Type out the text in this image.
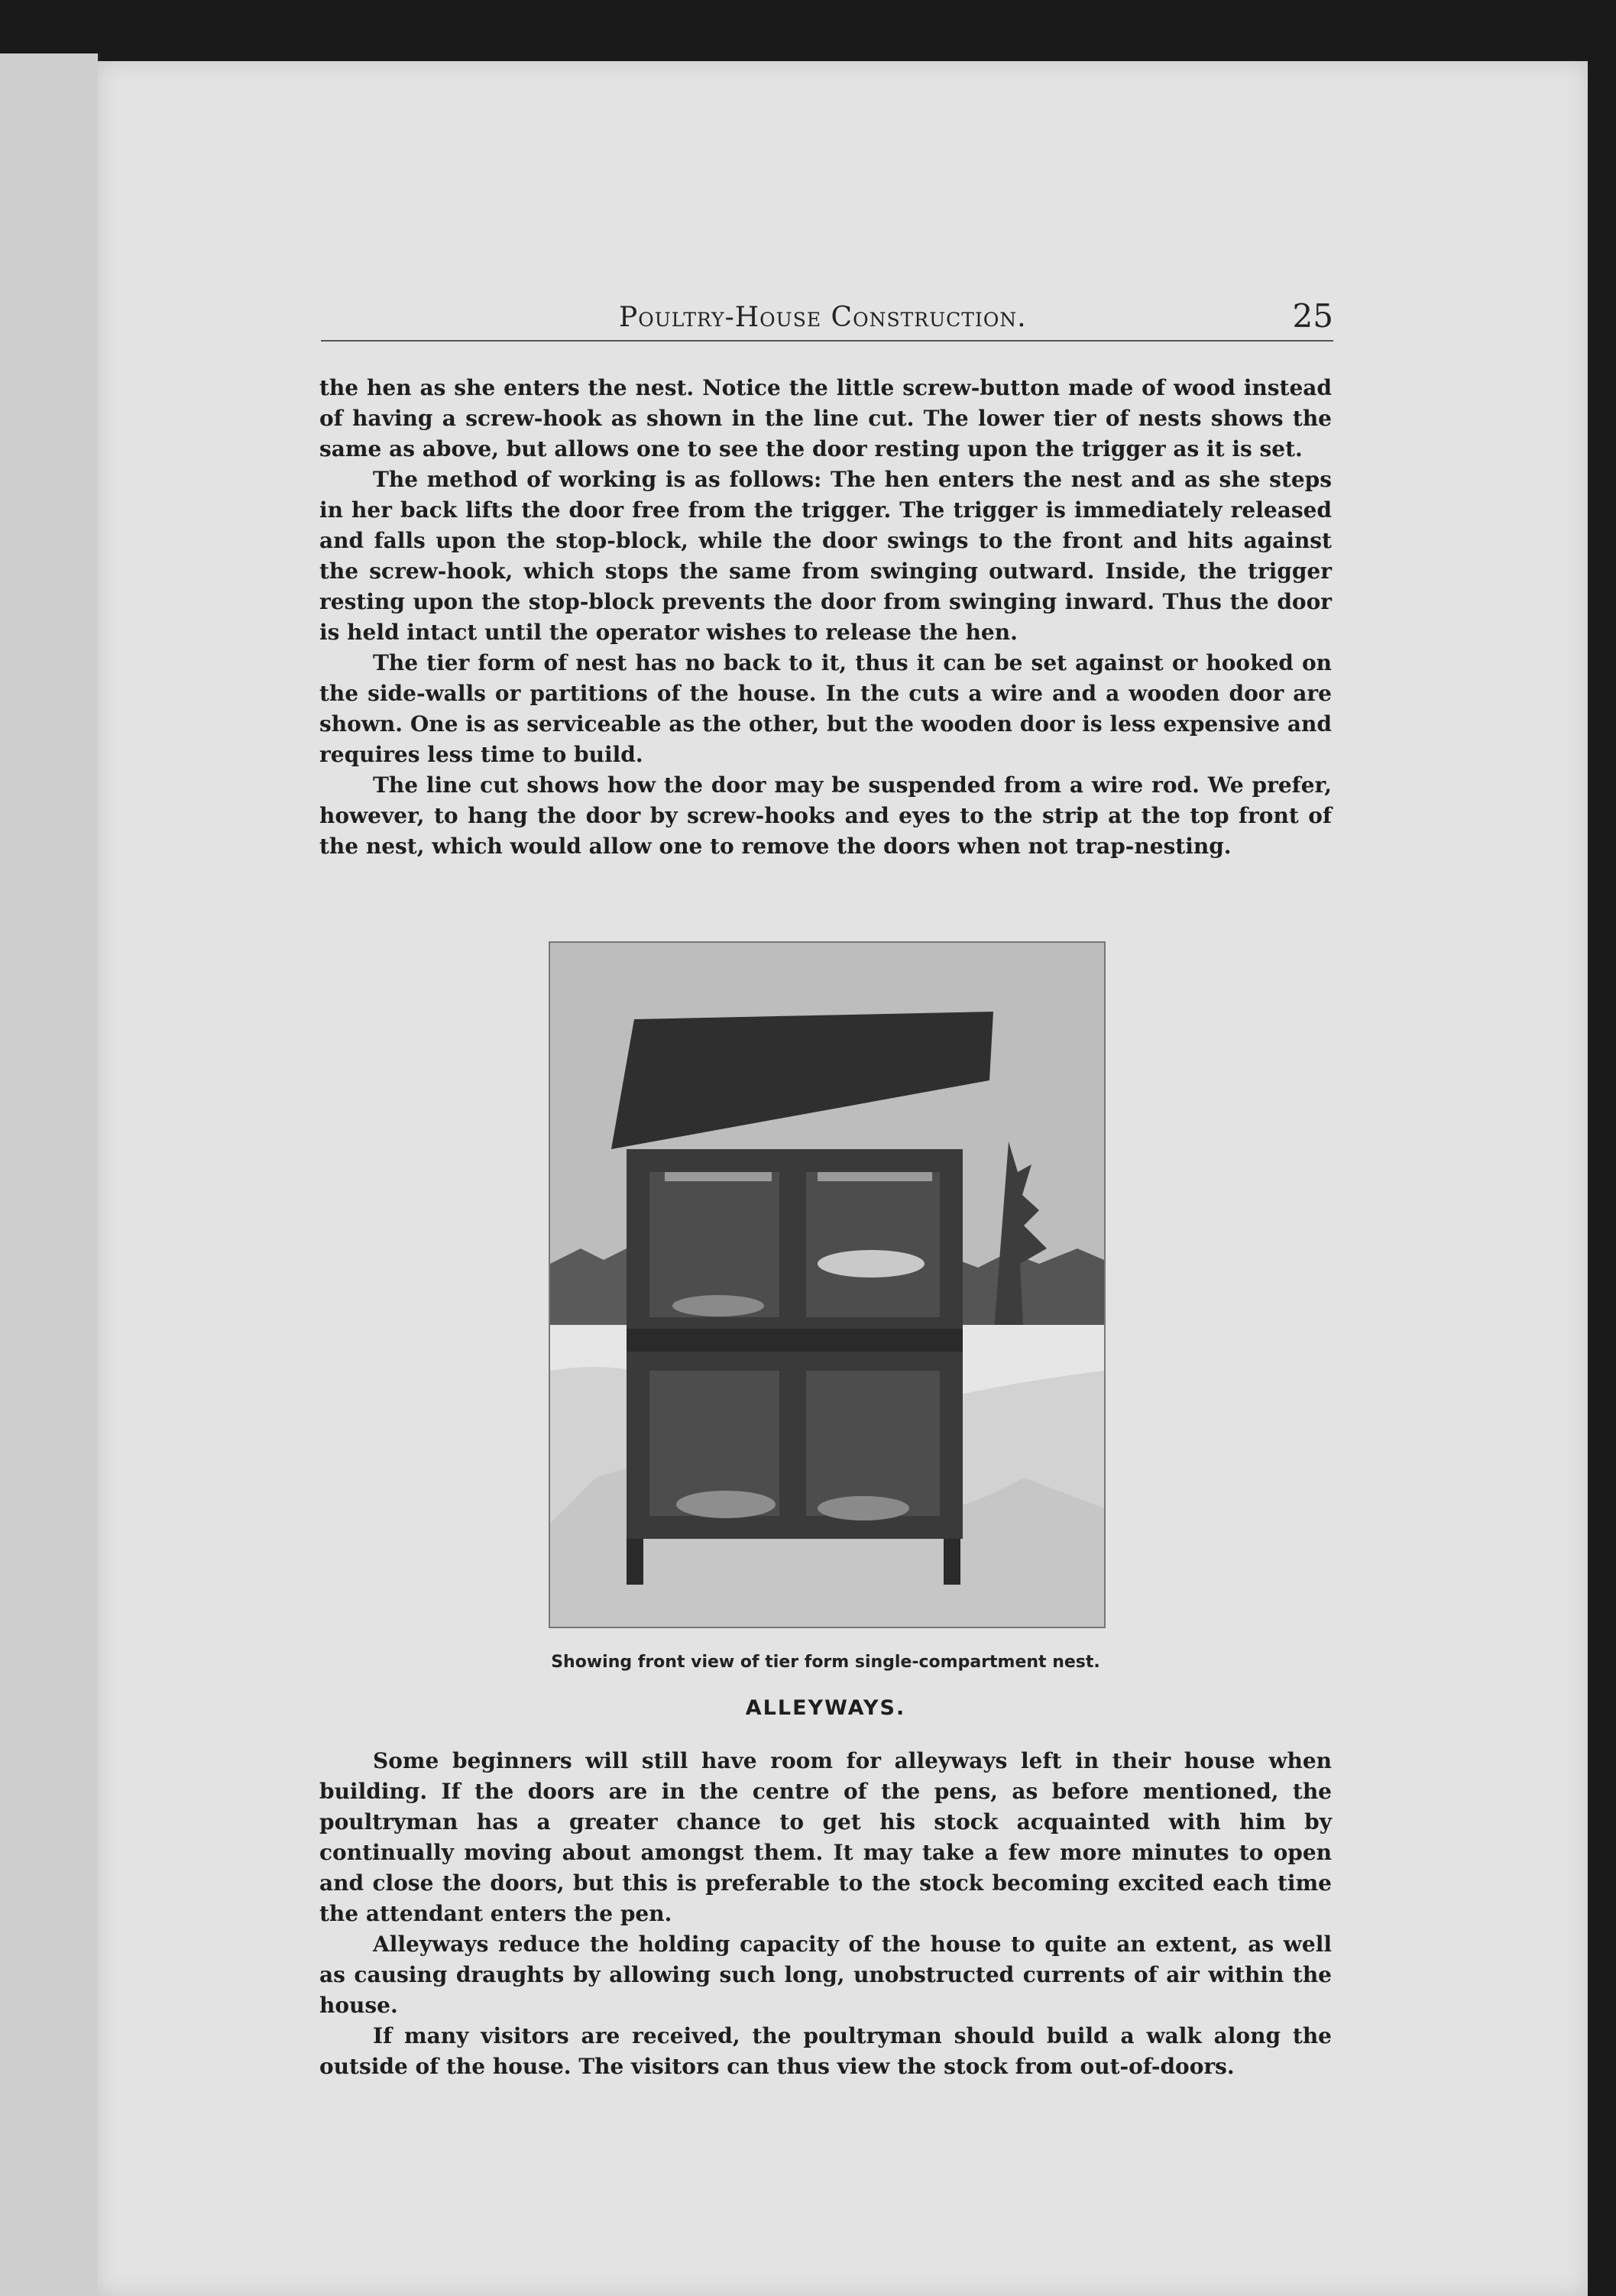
Poultry-House Construction.	25

the hen as she enters the nest. Notice the little screw-button made of wood instead of having a screw-hook as shown in the line cut. The lower tier of nests shows the same as above, but allows one to see the door resting upon the trigger as it is set.

The method of working is as follows: The hen enters the nest and as she steps in her back lifts the door free from the trigger. The trigger is immediately released and falls upon the stop-block, while the door swings to the front and hits against the screw-hook, which stops the same from swinging outward. Inside, the trigger resting upon the stop-block prevents the door from swinging inward. Thus the door is held intact until the operator wishes to release the hen.

The tier form of nest has no back to it, thus it can be set against or hooked on the side-walls or partitions of the house. In the cuts a wire and a wooden door are shown. One is as serviceable as the other, but the wooden door is less expensive and requires less time to build.

The line cut shows how the door may be suspended from a wire rod. We prefer, however, to hang the door by screw-hooks and eyes to the strip at the top front of the nest, which would allow one to remove the doors when not trap-nesting.

Showing front view of tier form single-compartment nest.
ALLEYWAYS.

Some beginners will still have room for alleyways left in their house when building. If the doors are in the centre of the pens, as before mentioned, the poultryman has a greater chance to get his stock acquainted with him by continually moving about amongst them. It may take a few more minutes to open and close the doors, but this is preferable to the stock becoming excited each time the attendant enters the pen.

Alleyways reduce the holding capacity of the house to quite an extent, as well as causing draughts by allowing such long, unobstructed currents of air within the house.

If many visitors are received, the poultryman should build a walk along the outside of the house. The visitors can thus view the stock from out-of-doors.
